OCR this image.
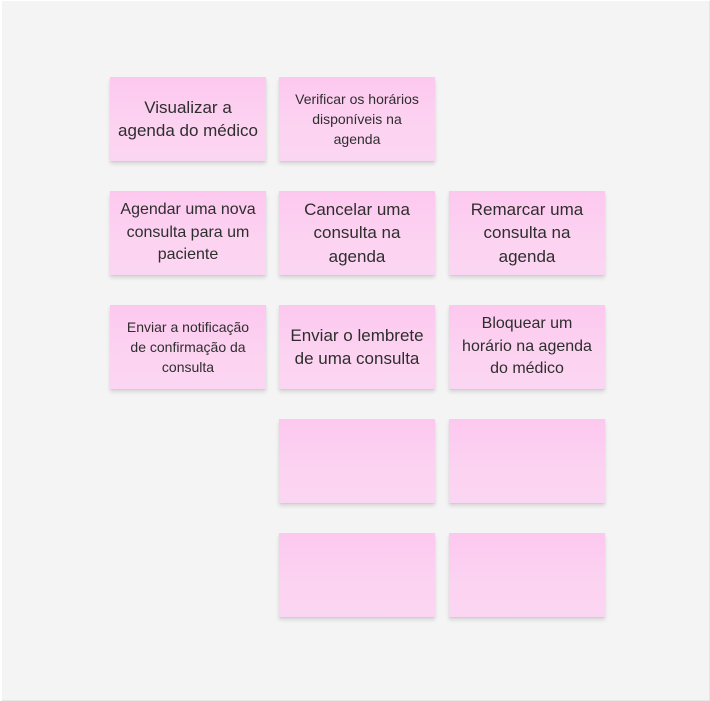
Visualizar a agenda do médico
Verificar os horários disponíveis na agenda
Agendar uma nova consulta para um paciente
Cancelar uma consulta na agenda
Remarcar uma consulta na agenda
Enviar a notificação de confirmação da consulta
Enviar o lembrete de uma consulta
Bloquear um horário na agenda do médico
